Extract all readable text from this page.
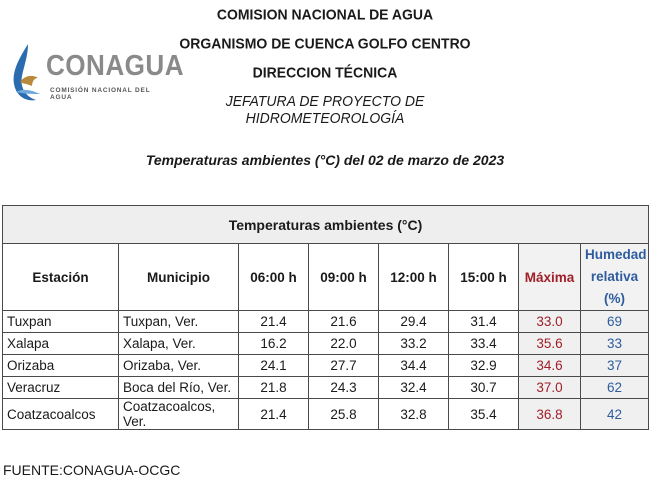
CONAGUA
COMISIÓN NACIONAL DEL AGUA
COMISION NACIONAL DE AGUA
ORGANISMO DE CUENCA GOLFO CENTRO
DIRECCION TÉCNICA
JEFATURA DE PROYECTO DE HIDROMETEOROLOGÍA
Temperaturas ambientes (°C) del 02 de marzo de 2023
Temperaturas ambientes (°C)							
Estación	Municipio	06:00 h	09:00 h	12:00 h	15:00 h	Máxima	Humedad relativa (%)
Tuxpan	Tuxpan, Ver.	21.4	21.6	29.4	31.4	33.0	69
Xalapa	Xalapa, Ver.	16.2	22.0	33.2	33.4	35.6	33
Orizaba	Orizaba, Ver.	24.1	27.7	34.4	32.9	34.6	37
Veracruz	Boca del Río, Ver.	21.8	24.3	32.4	30.7	37.0	62
Coatzacoalcos	Coatzacoalcos, Ver.	21.4	25.8	32.8	35.4	36.8	42
FUENTE:CONAGUA-OCGC
